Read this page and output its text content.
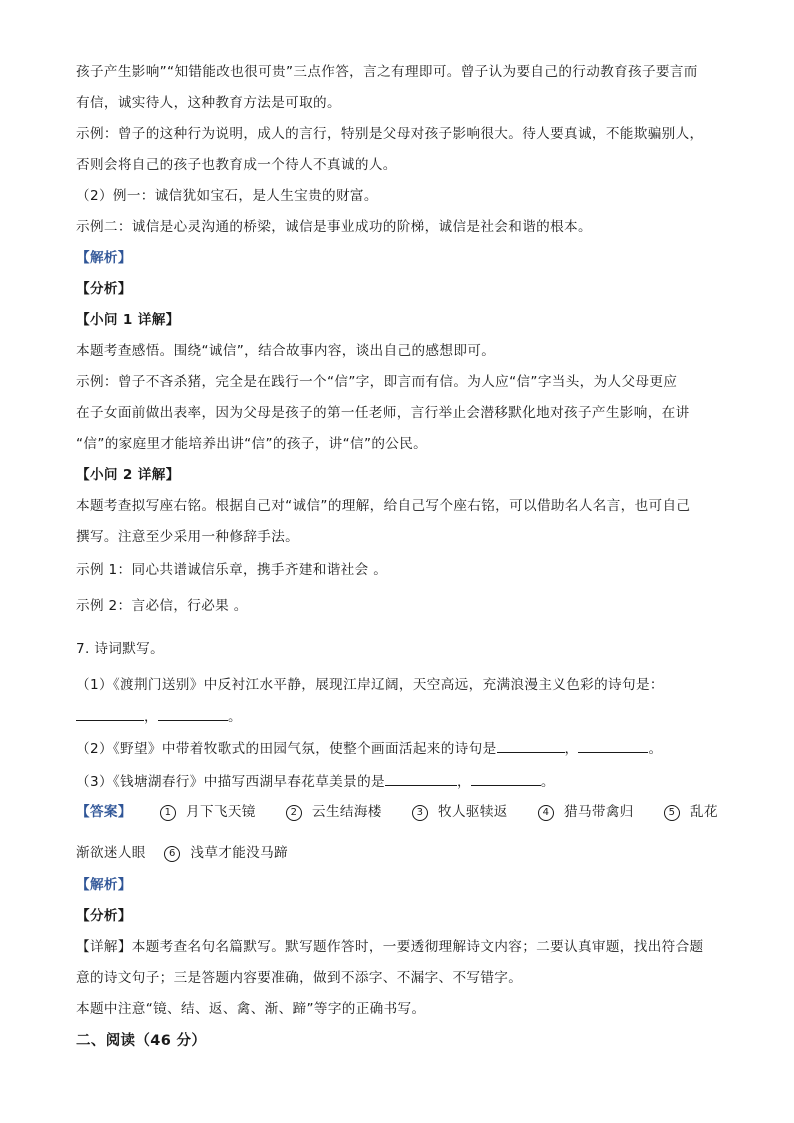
孩子产生影响”“知错能改也很可贵”三点作答，言之有理即可。曾子认为要自己的行动教育孩子要言而
有信，诚实待人，这种教育方法是可取的。
示例：曾子的这种行为说明，成人的言行，特别是父母对孩子影响很大。待人要真诚，不能欺骗别人，
否则会将自己的孩子也教育成一个待人不真诚的人。
（2）例一：诚信犹如宝石，是人生宝贵的财富。
示例二：诚信是心灵沟通的桥梁，诚信是事业成功的阶梯，诚信是社会和谐的根本。
【解析】
【分析】
【小问 1 详解】
本题考查感悟。围绕“诚信”，结合故事内容，谈出自己的感想即可。
示例：曾子不吝杀猪，完全是在践行一个“信”字，即言而有信。为人应“信”字当头，为人父母更应
在子女面前做出表率，因为父母是孩子的第一任老师，言行举止会潜移默化地对孩子产生影响，在讲
“信”的家庭里才能培养出讲“信”的孩子，讲“信”的公民。
【小问 2 详解】
本题考查拟写座右铭。根据自己对“诚信”的理解，给自己写个座右铭，可以借助名人名言，也可自己
撰写。注意至少采用一种修辞手法。
示例 1：同心共谱诚信乐章，携手齐建和谐社会 。
示例 2：言必信，行必果 。
7. 诗词默写。
（1）《渡荆门送别》中反衬江水平静，展现江岸辽阔，天空高远，充满浪漫主义色彩的诗句是：
，	。
（2）《野望》中带着牧歌式的田园气氛，使整个画面活起来的诗句是	，	。
（3）《钱塘湖春行》中描写西湖早春花草美景的是	，	。
【答案】	1 月下飞天镜	2 云生结海楼	3 牧人驱犊返	4 猎马带禽归	5 乱花
渐欲迷人眼 6 浅草才能没马蹄
【解析】
【分析】
【详解】本题考查名句名篇默写。默写题作答时，一要透彻理解诗文内容；二要认真审题，找出符合题
意的诗文句子；三是答题内容要准确，做到不添字、不漏字、不写错字。
本题中注意“镜、结、返、禽、渐、蹄”等字的正确书写。
二、阅读（46 分）
